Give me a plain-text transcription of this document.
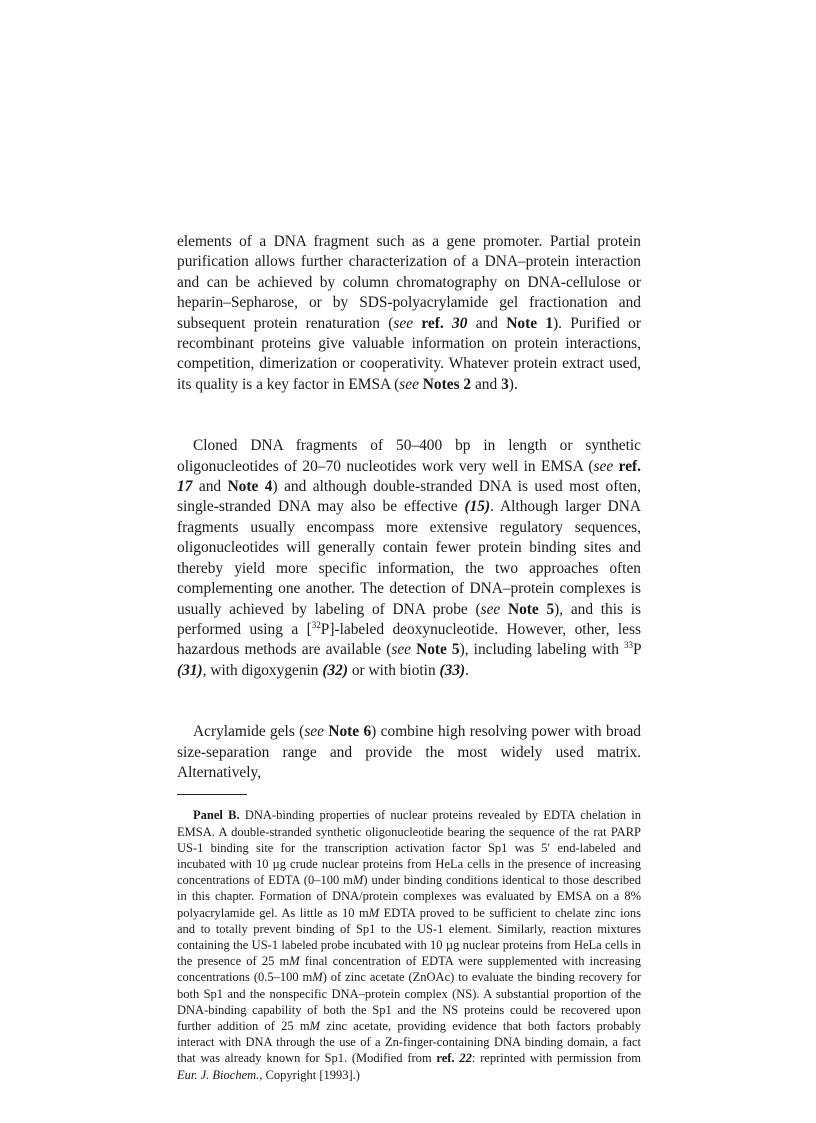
elements of a DNA fragment such as a gene promoter. Partial protein purification allows further characterization of a DNA–protein interaction and can be achieved by column chromatography on DNA-cellulose or heparin–Sepharose, or by SDS-polyacrylamide gel fractionation and subsequent protein renaturation (see ref. 30 and Note 1). Purified or recombinant proteins give valuable information on protein interactions, competition, dimerization or cooperativity. Whatever protein extract used, its quality is a key factor in EMSA (see Notes 2 and 3).

Cloned DNA fragments of 50–400 bp in length or synthetic oligonucleotides of 20–70 nucleotides work very well in EMSA (see ref. 17 and Note 4) and although double-stranded DNA is used most often, single-stranded DNA may also be effective (15). Although larger DNA fragments usually encompass more extensive regulatory sequences, oligonucleotides will generally contain fewer protein binding sites and thereby yield more specific information, the two approaches often complementing one another. The detection of DNA–protein complexes is usually achieved by labeling of DNA probe (see Note 5), and this is performed using a [$^{32}$P]-labeled deoxynucleotide. However, other, less hazardous methods are available (see Note 5), including labeling with $^{33}$P (31), with digoxygenin (32) or with biotin (33).

Acrylamide gels (see Note 6) combine high resolving power with broad size-separation range and provide the most widely used matrix. Alternatively,

Panel B. DNA-binding properties of nuclear proteins revealed by EDTA chelation in EMSA. A double-stranded synthetic oligonucleotide bearing the sequence of the rat PARP US-1 binding site for the transcription activation factor Sp1 was 5′ end-labeled and incubated with 10 µg crude nuclear proteins from HeLa cells in the presence of increasing concentrations of EDTA (0–100 mM) under binding conditions identical to those described in this chapter. Formation of DNA/protein complexes was evaluated by EMSA on a 8% polyacrylamide gel. As little as 10 mM EDTA proved to be sufficient to chelate zinc ions and to totally prevent binding of Sp1 to the US-1 element. Similarly, reaction mixtures containing the US-1 labeled probe incubated with 10 µg nuclear proteins from HeLa cells in the presence of 25 mM final concentration of EDTA were supplemented with increasing concentrations (0.5–100 mM) of zinc acetate (ZnOAc) to evaluate the binding recovery for both Sp1 and the nonspecific DNA–protein complex (NS). A substantial proportion of the DNA-binding capability of both the Sp1 and the NS proteins could be recovered upon further addition of 25 mM zinc acetate, providing evidence that both factors probably interact with DNA through the use of a Zn-finger-containing DNA binding domain, a fact that was already known for Sp1. (Modified from ref. 22: reprinted with permission from Eur. J. Biochem., Copyright [1993].)
